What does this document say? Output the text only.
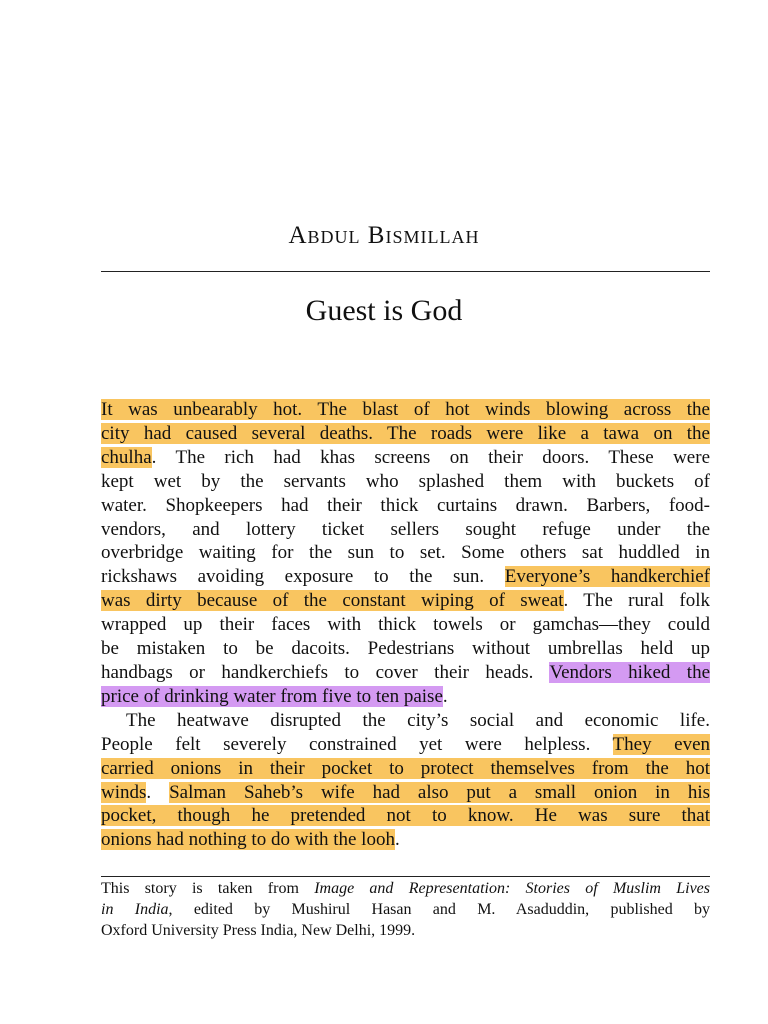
Abdul Bismillah
Guest is God
It was unbearably hot. The blast of hot winds blowing across the
city had caused several deaths. The roads were like a tawa on the
chulha. The rich had khas screens on their doors. These were
kept wet by the servants who splashed them with buckets of
water. Shopkeepers had their thick curtains drawn. Barbers, food-
vendors, and lottery ticket sellers sought refuge under the
overbridge waiting for the sun to set. Some others sat huddled in
rickshaws avoiding exposure to the sun. Everyone’s handkerchief
was dirty because of the constant wiping of sweat. The rural folk
wrapped up their faces with thick towels or gamchas—they could
be mistaken to be dacoits. Pedestrians without umbrellas held up
handbags or handkerchiefs to cover their heads. Vendors hiked the
price of drinking water from five to ten paise.
The heatwave disrupted the city’s social and economic life.
People felt severely constrained yet were helpless. They even
carried onions in their pocket to protect themselves from the hot
winds. Salman Saheb’s wife had also put a small onion in his
pocket, though he pretended not to know. He was sure that
onions had nothing to do with the looh.
This story is taken from Image and Representation: Stories of Muslim Lives
in India, edited by Mushirul Hasan and M. Asaduddin, published by
Oxford University Press India, New Delhi, 1999.
